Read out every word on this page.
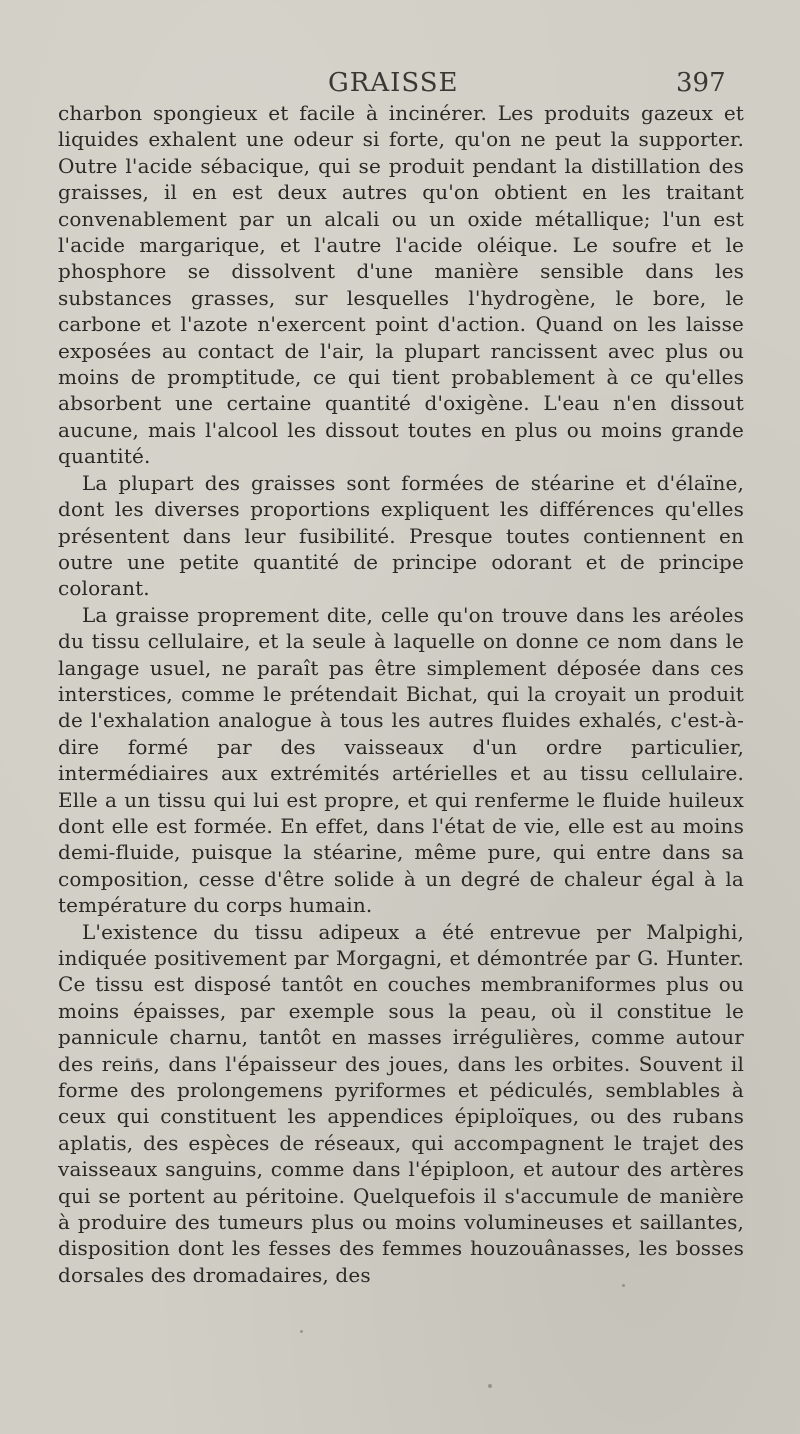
GRAISSE	397

charbon spongieux et facile à incinérer. Les produits gazeux et liquides exhalent une odeur si forte, qu'on ne peut la supporter. Outre l'acide sébacique, qui se produit pendant la distillation des graisses, il en est deux autres qu'on obtient en les traitant convenablement par un alcali ou un oxide métallique; l'un est l'acide margarique, et l'autre l'acide oléique. Le soufre et le phosphore se dissolvent d'une manière sensible dans les substances grasses, sur lesquelles l'hydrogène, le bore, le carbone et l'azote n'exercent point d'action. Quand on les laisse exposées au contact de l'air, la plupart rancissent avec plus ou moins de promptitude, ce qui tient probablement à ce qu'elles absorbent une certaine quantité d'oxigène. L'eau n'en dissout aucune, mais l'alcool les dissout toutes en plus ou moins grande quantité.

La plupart des graisses sont formées de stéarine et d'élaïne, dont les diverses proportions expliquent les différences qu'elles présentent dans leur fusibilité. Presque toutes contiennent en outre une petite quantité de principe odorant et de principe colorant.

La graisse proprement dite, celle qu'on trouve dans les aréoles du tissu cellulaire, et la seule à laquelle on donne ce nom dans le langage usuel, ne paraît pas être simplement déposée dans ces interstices, comme le prétendait Bichat, qui la croyait un produit de l'exhalation analogue à tous les autres fluides exhalés, c'est-à-dire formé par des vaisseaux d'un ordre particulier, intermédiaires aux extrémités artérielles et au tissu cellulaire. Elle a un tissu qui lui est propre, et qui renferme le fluide huileux dont elle est formée. En effet, dans l'état de vie, elle est au moins demi-fluide, puisque la stéarine, même pure, qui entre dans sa composition, cesse d'être solide à un degré de chaleur égal à la température du corps humain.

L'existence du tissu adipeux a été entrevue per Malpighi, indiquée positivement par Morgagni, et démontrée par G. Hunter. Ce tissu est disposé tantôt en couches membraniformes plus ou moins épaisses, par exemple sous la peau, où il constitue le pannicule charnu, tantôt en masses irrégulières, comme autour des reins, dans l'épaisseur des joues, dans les orbites. Souvent il forme des prolongemens pyriformes et pédiculés, semblables à ceux qui constituent les appendices épiploïques, ou des rubans aplatis, des espèces de réseaux, qui accompagnent le trajet des vaisseaux sanguins, comme dans l'épiploon, et autour des artères qui se portent au péritoine. Quelquefois il s'accumule de manière à produire des tumeurs plus ou moins volumineuses et saillantes, disposition dont les fesses des femmes houzouânasses, les bosses dorsales des dromadaires, des
